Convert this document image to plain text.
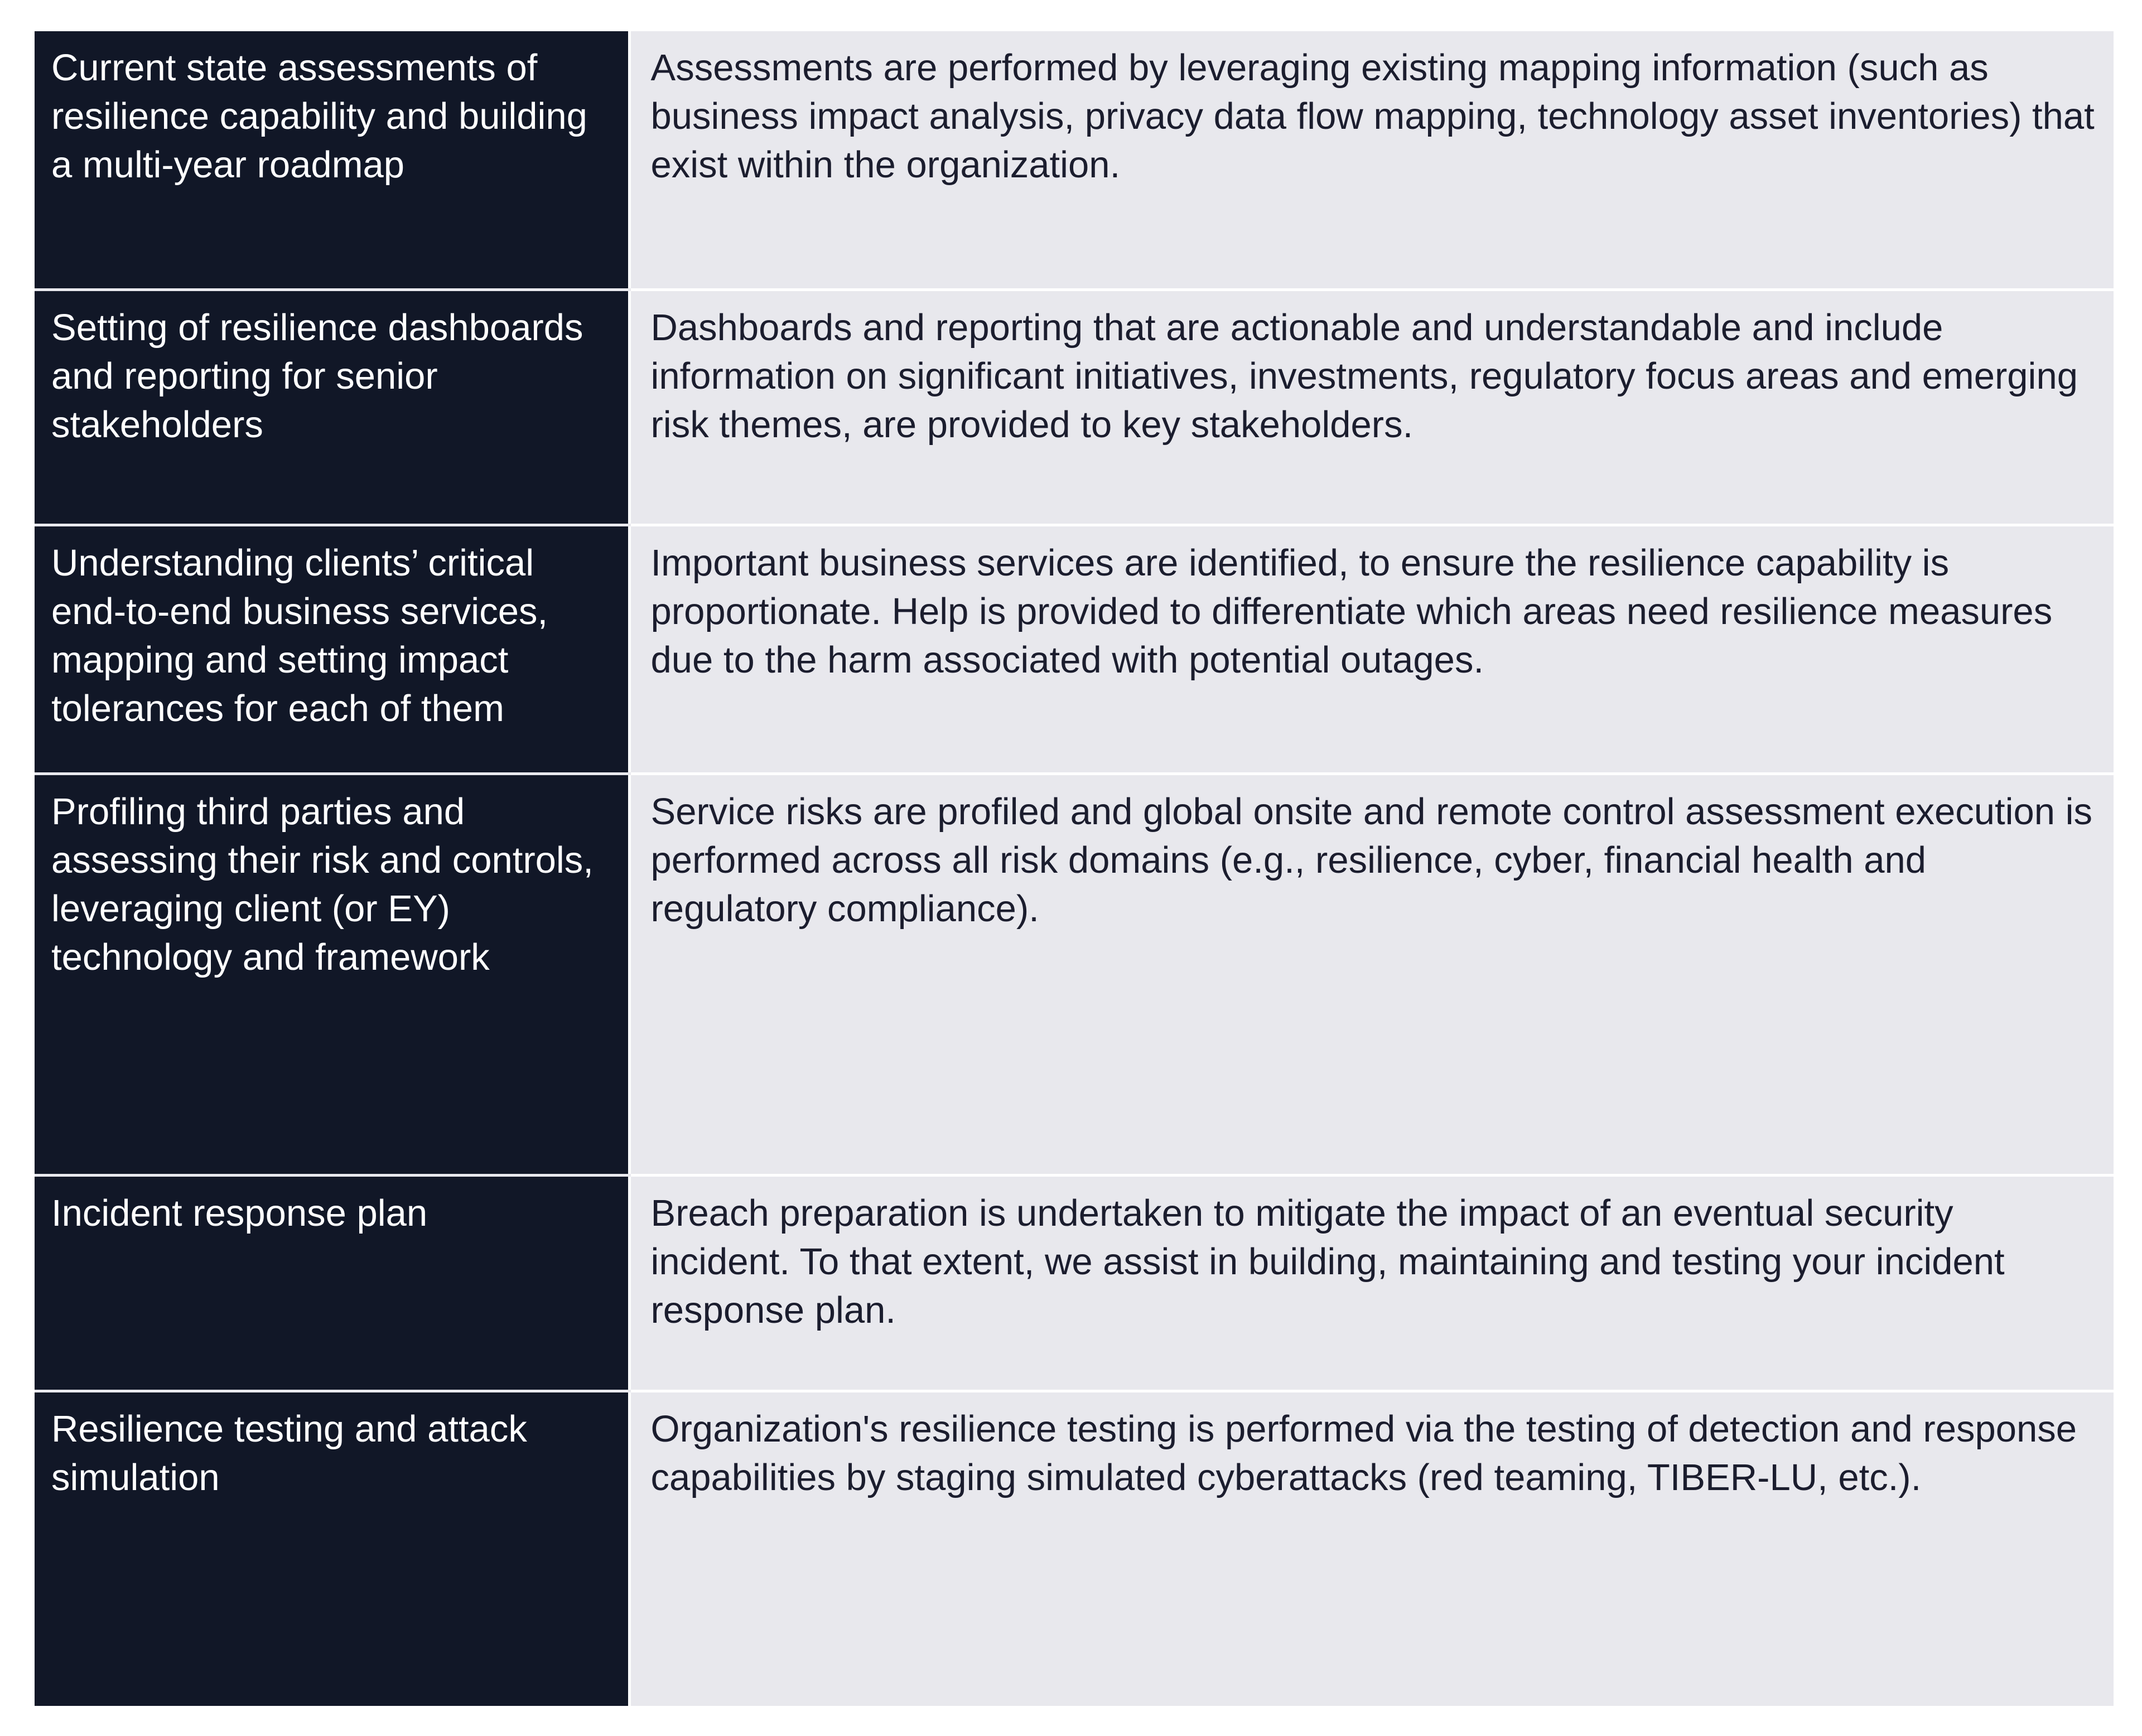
Current state assessments of resilience capability and building a multi-year roadmap	Assessments are performed by leveraging existing mapping information (such as business impact analysis, privacy data flow mapping, technology asset inventories) that exist within the organization.

Setting of resilience dashboards and reporting for senior stakeholders	Dashboards and reporting that are actionable and understandable and include information on significant initiatives, investments, regulatory focus areas and emerging risk themes, are provided to key stakeholders.

Understanding clients’ critical end-to-end business services, mapping and setting impact tolerances for each of them	Important business services are identified, to ensure the resilience capability is proportionate. Help is provided to differentiate which areas need resilience measures due to the harm associated with potential outages.

Profiling third parties and assessing their risk and controls, leveraging client (or EY) technology and framework	Service risks are profiled and global onsite and remote control assessment execution is performed across all risk domains (e.g., resilience, cyber, financial health and regulatory compliance).

Incident response plan	Breach preparation is undertaken to mitigate the impact of an eventual security incident. To that extent, we assist in building, maintaining and testing your incident response plan.

Resilience testing and attack simulation	Organization's resilience testing is performed via the testing of detection and response capabilities by staging simulated cyberattacks (red teaming, TIBER-LU, etc.).
